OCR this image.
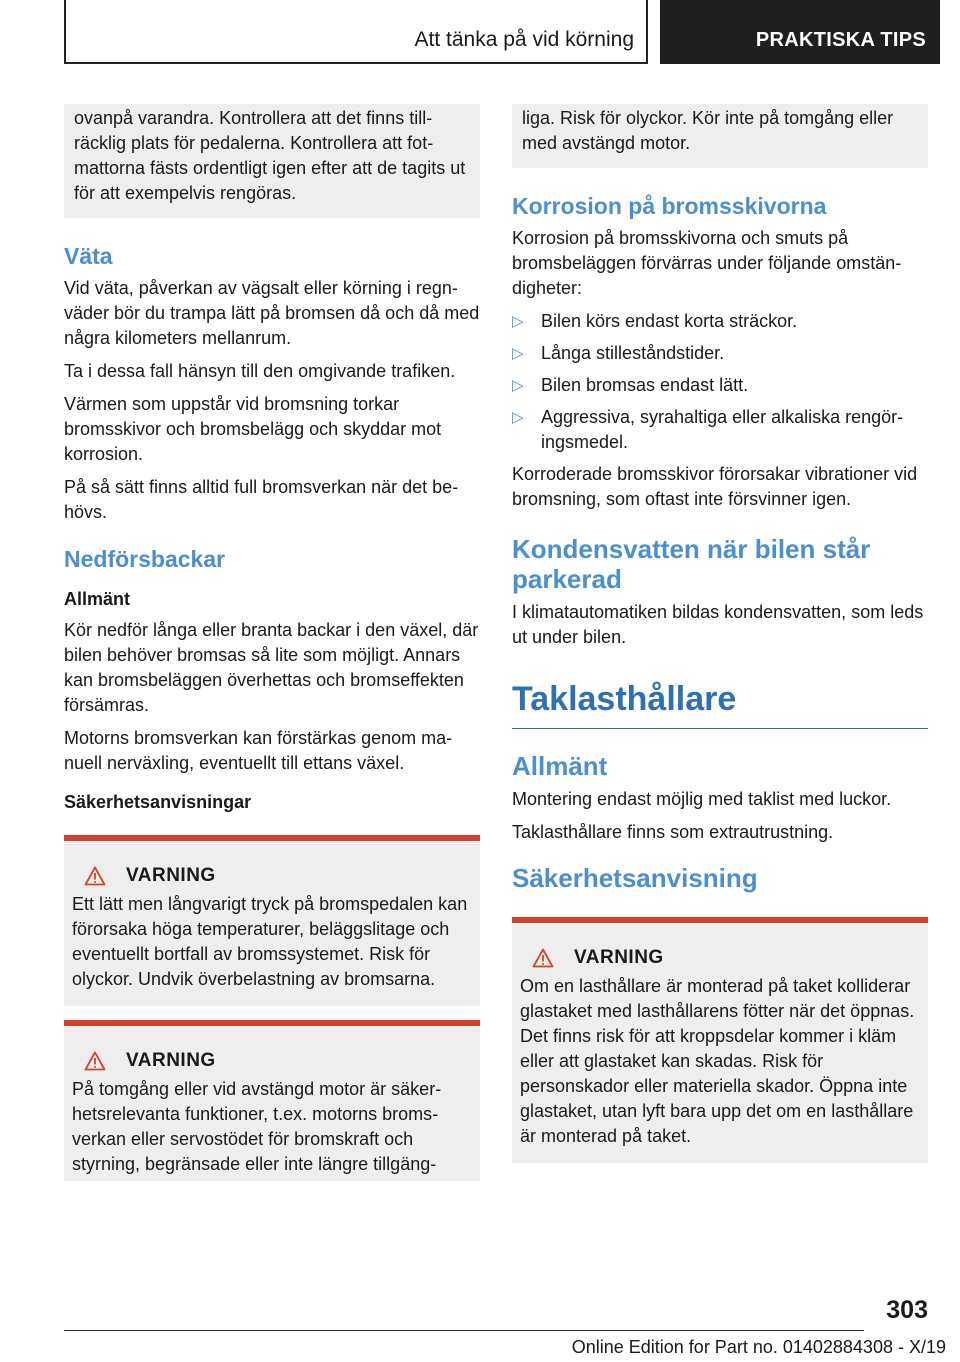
Att tänka på vid körning	PRAKTISKA TIPS

ovanpå varandra. Kontrollera att det finns tillräcklig plats för pedalerna. Kontrollera att fotmattorna fästs ordentligt igen efter att de tagits ut för att exempelvis rengöras.

Väta

Vid väta, påverkan av vägsalt eller körning i regnväder bör du trampa lätt på bromsen då och då med några kilometers mellanrum.

Ta i dessa fall hänsyn till den omgivande trafiken.

Värmen som uppstår vid bromsning torkar bromsskivor och bromsbelägg och skyddar mot korrosion.

På så sätt finns alltid full bromsverkan när det behövs.

Nedförsbackar
Allmänt

Kör nedför långa eller branta backar i den växel, där bilen behöver bromsas så lite som möjligt. Annars kan bromsbeläggen överhettas och bromseffekten försämras.

Motorns bromsverkan kan förstärkas genom manuell nerväxling, eventuellt till ettans växel.

Säkerhetsanvisningar
VARNING

Ett lätt men långvarigt tryck på bromspedalen kan förorsaka höga temperaturer, beläggslitage och eventuellt bortfall av bromssystemet. Risk för olyckor. Undvik överbelastning av bromsarna.

VARNING

På tomgång eller vid avstängd motor är säkerhetsrelevanta funktioner, t.ex. motorns bromsverkan eller servostödet för bromskraft och styrning, begränsade eller inte längre tillgäng-

liga. Risk för olyckor. Kör inte på tomgång eller med avstängd motor.

Korrosion på bromsskivorna

Korrosion på bromsskivorna och smuts på bromsbeläggen förvärras under följande omständigheter:

▷ Bilen körs endast korta sträckor.
▷ Långa stilleståndstider.
▷ Bilen bromsas endast lätt.
▷ Aggressiva, syrahaltiga eller alkaliska rengöringsmedel.

Korroderade bromsskivor förorsakar vibrationer vid bromsning, som oftast inte försvinner igen.

Kondensvatten när bilen står parkerad

I klimatautomatiken bildas kondensvatten, som leds ut under bilen.

Taklasthållare
Allmänt

Montering endast möjlig med taklist med luckor.

Taklasthållare finns som extrautrustning.

Säkerhetsanvisning
VARNING

Om en lasthållare är monterad på taket kolliderar glastaket med lasthållarens fötter när det öppnas. Det finns risk för att kroppsdelar kommer i kläm eller att glastaket kan skadas. Risk för personskador eller materiella skador. Öppna inte glastaket, utan lyft bara upp det om en lasthållare är monterad på taket.

303
Online Edition for Part no. 01402884308 - X/19
